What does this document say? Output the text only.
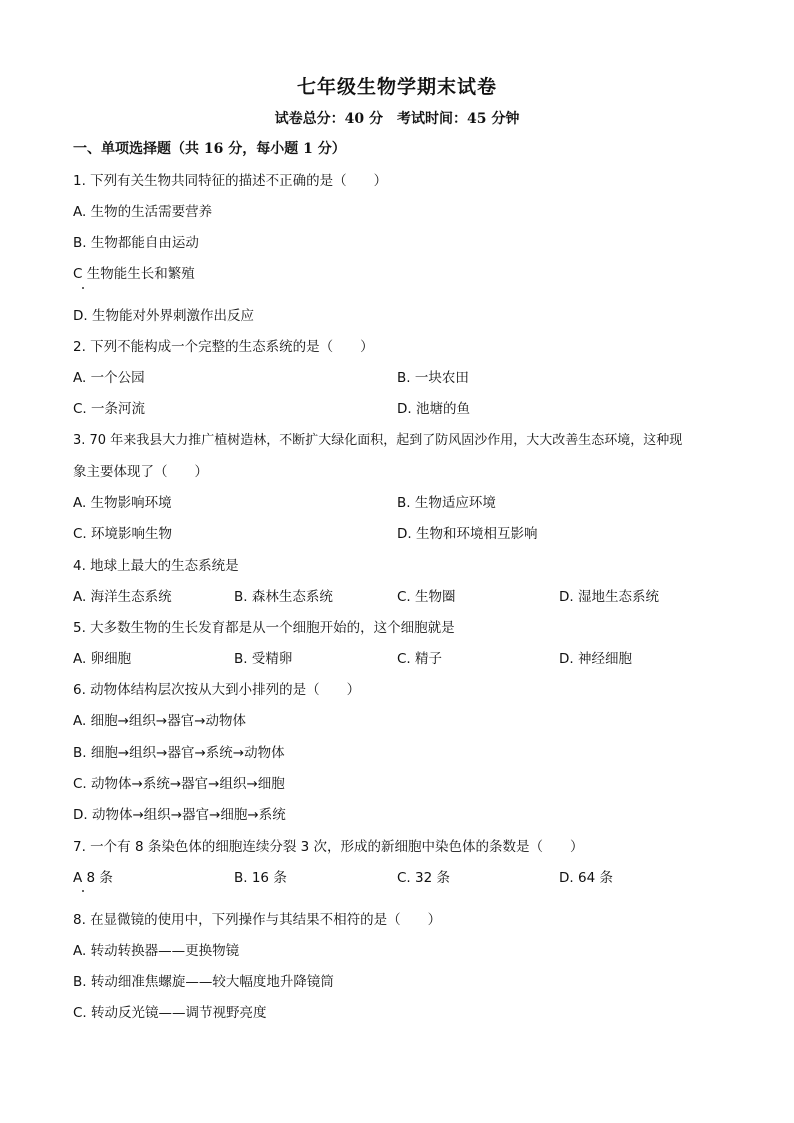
七年级生物学期末试卷
试卷总分：40 分 考试时间：45 分钟
一、单项选择题（共 16 分，每小题 1 分）
1. 下列有关生物共同特征的描述不正确的是（　　）
A. 生物的生活需要营养
B. 生物都能自由运动
C 生物能生长和繁殖
D. 生物能对外界刺激作出反应
2. 下列不能构成一个完整的生态系统的是（　　）
A. 一个公园	B. 一块农田
C. 一条河流	D. 池塘的鱼
3. 70 年来我县大力推广植树造林，不断扩大绿化面积，起到了防风固沙作用，大大改善生态环境，这种现
象主要体现了（　　）
A. 生物影响环境	B. 生物适应环境
C. 环境影响生物	D. 生物和环境相互影响
4. 地球上最大的生态系统是
A. 海洋生态系统	B. 森林生态系统	C. 生物圈	D. 湿地生态系统
5. 大多数生物的生长发育都是从一个细胞开始的，这个细胞就是
A. 卵细胞	B. 受精卵	C. 精子	D. 神经细胞
6. 动物体结构层次按从大到小排列的是（　　）
A. 细胞→组织→器官→动物体
B. 细胞→组织→器官→系统→动物体
C. 动物体→系统→器官→组织→细胞
D. 动物体→组织→器官→细胞→系统
7. 一个有 8 条染色体的细胞连续分裂 3 次，形成的新细胞中染色体的条数是（　　）
A 8 条	B. 16 条	C. 32 条	D. 64 条
8. 在显微镜的使用中，下列操作与其结果不相符的是（　　）
A. 转动转换器——更换物镜
B. 转动细准焦螺旋——较大幅度地升降镜筒
C. 转动反光镜——调节视野亮度
